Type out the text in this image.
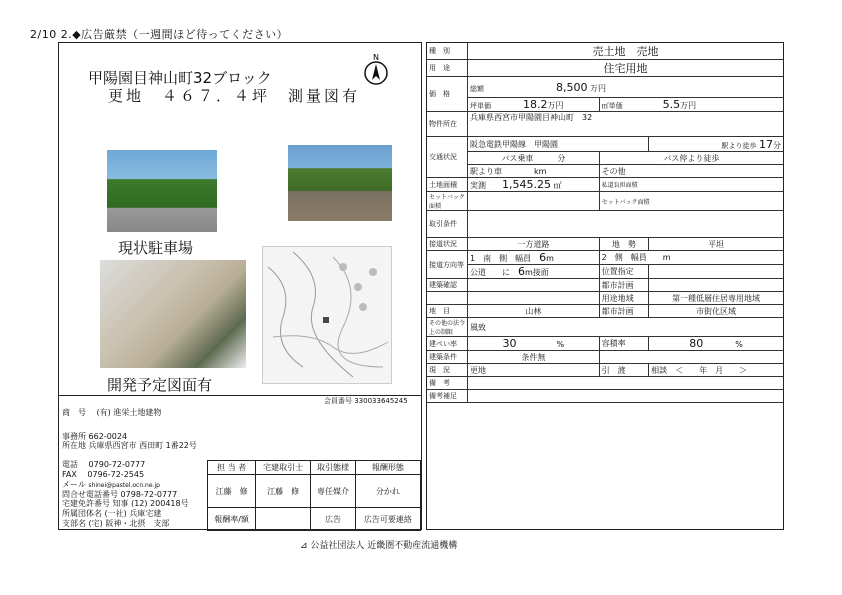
2/10 2.◆広告厳禁（一週間ほど待ってください）
甲陽園目神山町32ブロック
更地　４６７．４坪　測量図有
N
現状駐車場
開発予定図面有
会員番号 330033645245
商　号　 (有) 進栄土地建物
事務所 662-0024
所在地 兵庫県西宮市 西田町 1番22号
電話　 0790-72-0777
FAX　 0796-72-2545
メール shinei@pastel.ocn.ne.jp
問合せ電話番号 0798-72-0777
宅建免許番号 知事 (12) 200418号
所属団体名 (一社) 兵庫宅建
支部名 (宅) 阪神・北摂　支部
担 当 者	宅建取引士	取引態様	報酬形態
江藤　修	江藤　修	専任媒介	分かれ
報酬率/額		広告	広告可要連絡
種　別	売土地　売地		
用　途	住宅用地		
価　格	総額　　　　　　　　　 8,500 万円		
	坪単価　　　　 18.2万円	㎡単価　　　　　 5.5万円	
物件所在	兵庫県西宮市甲陽園目神山町　32		
交通状況	阪急電鉄甲陽線　甲陽園		駅より徒歩 17分
	バス乗車　　　分	バス停より徒歩	
	駅より車　　　　km	その他	
土地面積	実測　　 1,545.25 ㎡	私道負担面積	
セットバック面積		セットバック面積	
取引条件			
接道状況	一方道路	地　勢	平坦
接道方向等	1　 南　側　幅員　 6m	2　 側　幅員　　 m	
	公道　　に　 6m接面	位置指定	
建築確認		都市計画	
		用途地域	第一種低層住居専用地域
地　目	山林	都市計画	市街化区域
その他の法令上の制限	風致		
建ぺい率	30　　　　　 %	容積率	80　　　　 %
建築条件	条件無		
現　況	更地	引　渡	相談　＜　　年　月　　＞
備　考			
備考補足			
⊿ 公益社団法人 近畿圏不動産流通機構
